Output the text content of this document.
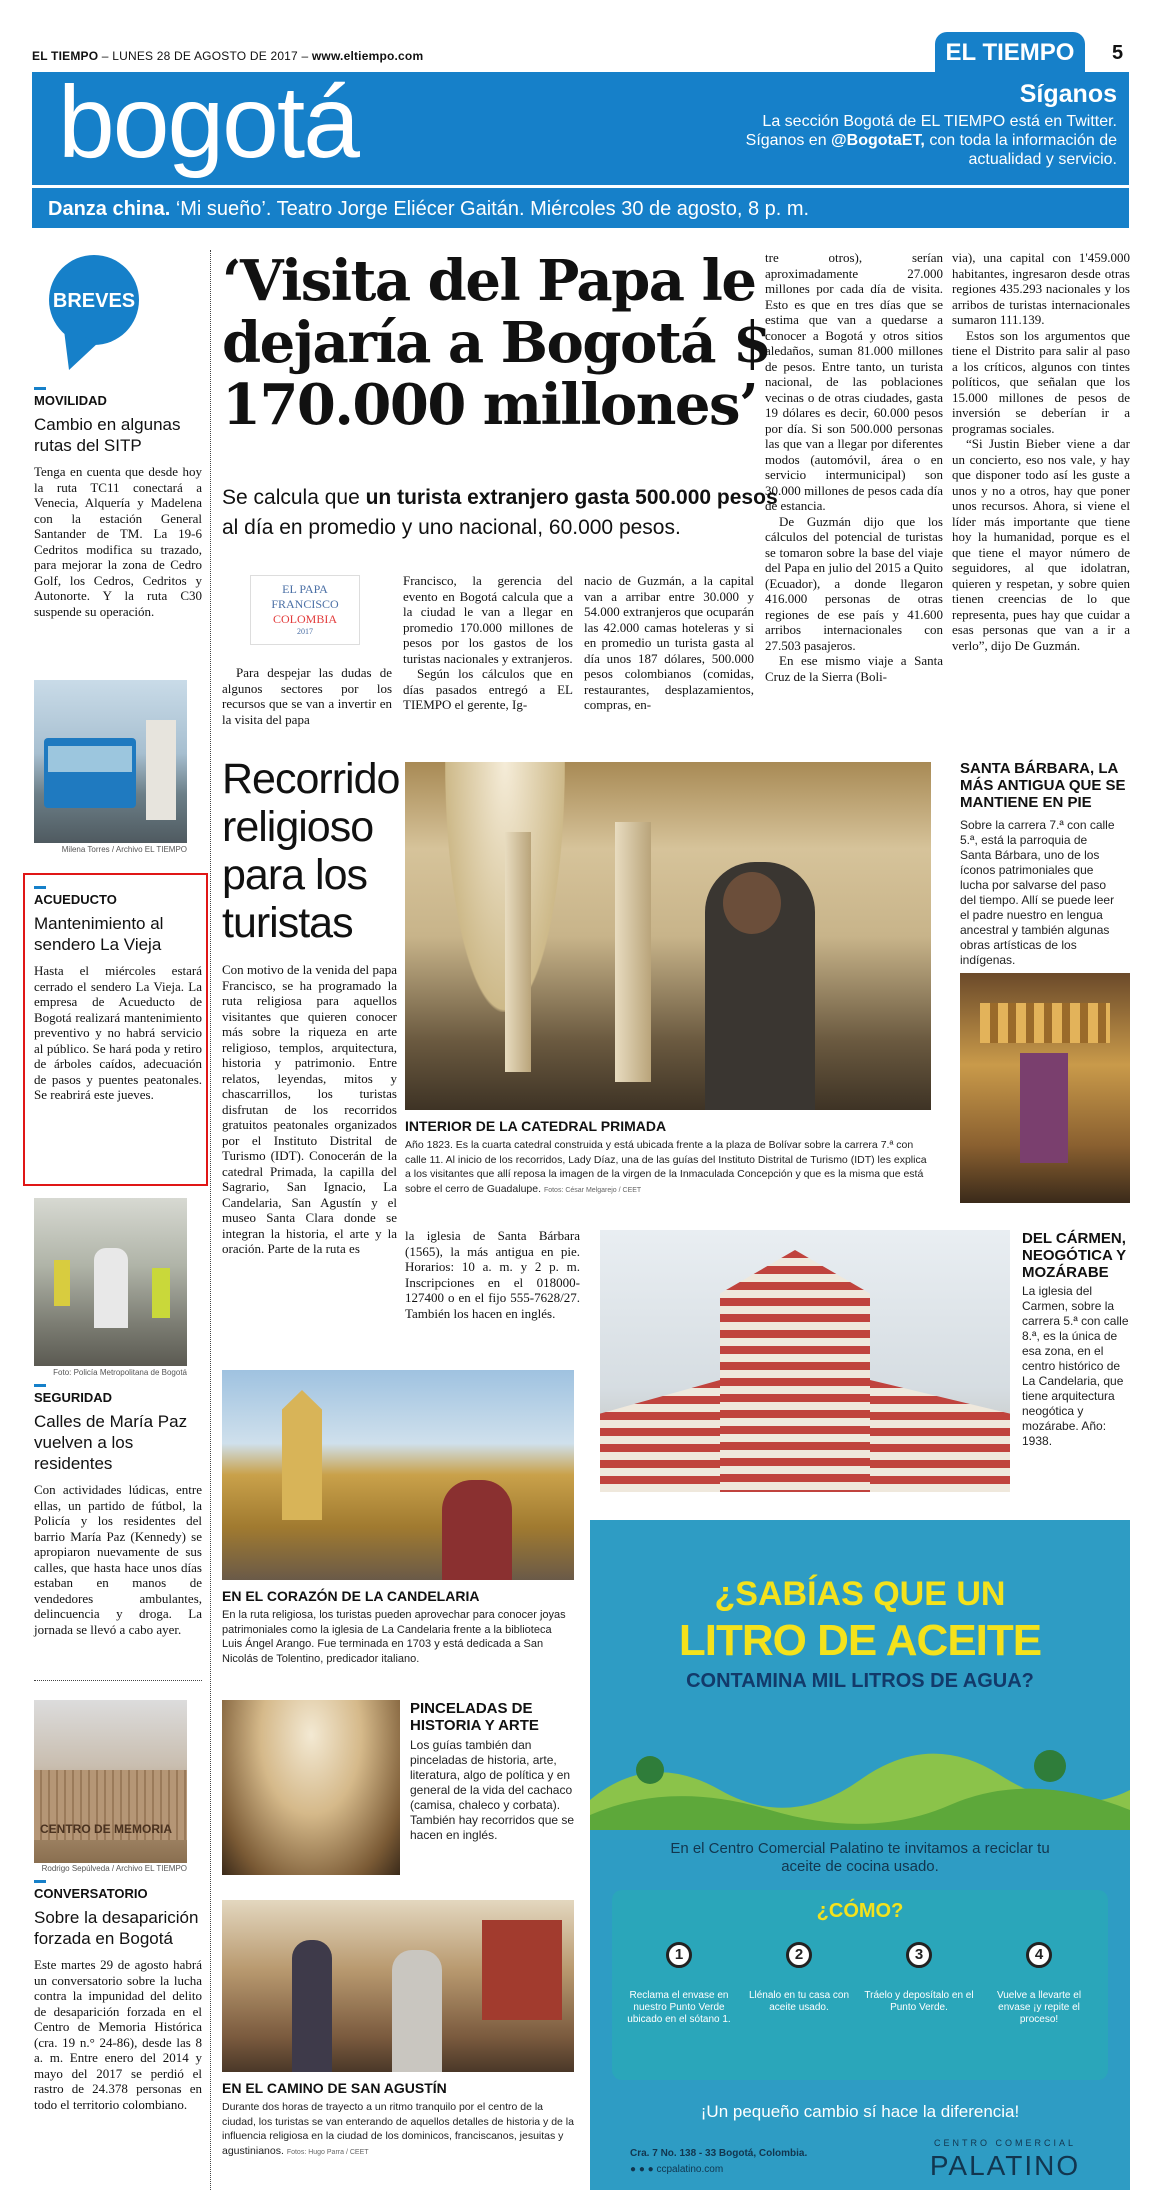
EL TIEMPO – LUNES 28 DE AGOSTO DE 2017 – www.eltiempo.com	EL TIEMPO	5
bogotá	Síganos
La sección Bogotá de EL TIEMPO está en Twitter. Síganos en @BogotaET, con toda la información de actualidad y servicio.
Danza china. ‘Mi sueño’. Teatro Jorge Eliécer Gaitán. Miércoles 30 de agosto, 8 p. m.
BREVES
MOVILIDAD
Cambio en algunas rutas del SITP
Tenga en cuenta que desde hoy la ruta TC11 conectará a Venecia, Alquería y Madelena con la estación General Santander de TM. La 19-6 Cedritos modifica su trazado, para mejorar la zona de Cedro Golf, los Cedros, Cedritos y Autonorte. Y la ruta C30 suspende su operación.
Milena Torres / Archivo EL TIEMPO
ACUEDUCTO
Mantenimiento al sendero La Vieja
Hasta el miércoles estará cerrado el sendero La Vieja. La empresa de Acueducto de Bogotá realizará mantenimiento preventivo y no habrá servicio al público. Se hará poda y retiro de árboles caídos, adecuación de pasos y puentes peatonales. Se reabrirá este jueves.
Foto: Policía Metropolitana de Bogotá
SEGURIDAD
Calles de María Paz vuelven a los residentes
Con actividades lúdicas, entre ellas, un partido de fútbol, la Policía y los residentes del barrio María Paz (Kennedy) se apropiaron nuevamente de sus calles, que hasta hace unos días estaban en manos de vendedores ambulantes, delincuencia y droga. La jornada se llevó a cabo ayer.
CENTRO DE MEMORIA
Rodrigo Sepúlveda / Archivo EL TIEMPO
CONVERSATORIO
Sobre la desaparición forzada en Bogotá
Este martes 29 de agosto habrá un conversatorio sobre la lucha contra la impunidad del delito de desaparición forzada en el Centro de Memoria Histórica (cra. 19 n.° 24-86), desde las 8 a. m. Entre enero del 2014 y mayo del 2017 se perdió el rastro de 24.378 personas en todo el territorio colombiano.
‘Visita del Papa le dejaría a Bogotá $ 170.000 millones’
Se calcula que un turista extranjero gasta 500.000 pesos al día en promedio y uno nacional, 60.000 pesos.
EL PAPA
FRANCISCO
COLOMBIA
2017
Para despejar las dudas de algunos sectores por los recursos que se van a invertir en la visita del papa
Francisco, la gerencia del evento en Bogotá calcula que a la ciudad le van a llegar en promedio 170.000 millones de pesos por los gastos de los turistas nacionales y extranjeros.
Según los cálculos que en días pasados entregó a EL TIEMPO el gerente, Ig-
nacio de Guzmán, a la capital van a arribar entre 30.000 y 54.000 extranjeros que ocuparán las 42.000 camas hoteleras y si en promedio un turista gasta al día unos 187 dólares, 500.000 pesos colombianos (comidas, restaurantes, desplazamientos, compras, en-
tre otros), serían aproximadamente 27.000 millones por cada día de visita. Esto es que en tres días que se estima que van a quedarse a conocer a Bogotá y otros sitios aledaños, suman 81.000 millones de pesos. Entre tanto, un turista nacional, de las poblaciones vecinas o de otras ciudades, gasta 19 dólares es decir, 60.000 pesos por día. Si son 500.000 personas las que van a llegar por diferentes modos (automóvil, área o en servicio intermunicipal) son 30.000 millones de pesos cada día de estancia.
De Guzmán dijo que los cálculos del potencial de turistas se tomaron sobre la base del viaje del Papa en julio del 2015 a Quito (Ecuador), a donde llegaron 416.000 personas de otras regiones de ese país y 41.600 arribos internacionales con 27.503 pasajeros.
En ese mismo viaje a Santa Cruz de la Sierra (Boli-
via), una capital con 1'459.000 habitantes, ingresaron desde otras regiones 435.293 nacionales y los arribos de turistas internacionales sumaron 111.139.
Estos son los argumentos que tiene el Distrito para salir al paso a los críticos, algunos con tintes políticos, que señalan que los 15.000 millones de pesos de inversión se deberían ir a programas sociales.
“Si Justin Bieber viene a dar un concierto, eso nos vale, y hay que disponer todo así les guste a unos y no a otros, hay que poner unos recursos. Ahora, si viene el líder más importante que tiene hoy la humanidad, porque es el que tiene el mayor número de seguidores, al que idolatran, quieren y respetan, y sobre quien tienen creencias de lo que representa, pues hay que cuidar a esas personas que van a ir a verlo”, dijo De Guzmán.
Recorrido religioso para los turistas
Con motivo de la venida del papa Francisco, se ha programado la ruta religiosa para aquellos visitantes que quieren conocer más sobre la riqueza en arte religioso, templos, arquitectura, historia y patrimonio. Entre relatos, leyendas, mitos y chascarrillos, los turistas disfrutan de los recorridos gratuitos peatonales organizados por el Instituto Distrital de Turismo (IDT). Conocerán de la catedral Primada, la capilla del Sagrario, San Ignacio, La Candelaria, San Agustín y el museo Santa Clara donde se integran la historia, el arte y la oración. Parte de la ruta es
la iglesia de Santa Bárbara (1565), la más antigua en pie. Horarios: 10 a. m. y 2 p. m. Inscripciones en el 018000-127400 o en el fijo 555-7628/27. También los hacen en inglés.
INTERIOR DE LA CATEDRAL PRIMADA
Año 1823. Es la cuarta catedral construida y está ubicada frente a la plaza de Bolívar sobre la carrera 7.ª con calle 11. Al inicio de los recorridos, Lady Díaz, una de las guías del Instituto Distrital de Turismo (IDT) les explica a los visitantes que allí reposa la imagen de la virgen de la Inmaculada Concepción y que es la misma que está sobre el cerro de Guadalupe. Fotos: César Melgarejo / CEET
SANTA BÁRBARA, LA MÁS ANTIGUA QUE SE MANTIENE EN PIE
Sobre la carrera 7.ª con calle 5.ª, está la parroquia de Santa Bárbara, uno de los íconos patrimoniales que lucha por salvarse del paso del tiempo. Allí se puede leer el padre nuestro en lengua ancestral y también algunas obras artísticas de los indígenas.
DEL CÁRMEN, NEOGÓTICA Y MOZÁRABE
La iglesia del Carmen, sobre la carrera 5.ª con calle 8.ª, es la única de esa zona, en el centro histórico de La Candelaria, que tiene arquitectura neogótica y mozárabe. Año: 1938.
EN EL CORAZÓN DE LA CANDELARIA
En la ruta religiosa, los turistas pueden aprovechar para conocer joyas patrimoniales como la iglesia de La Candelaria frente a la biblioteca Luis Ángel Arango. Fue terminada en 1703 y está dedicada a San Nicolás de Tolentino, predicador italiano.
PINCELADAS DE HISTORIA Y ARTE
Los guías también dan pinceladas de historia, arte, literatura, algo de política y en general de la vida del cachaco (camisa, chaleco y corbata). También hay recorridos que se hacen en inglés.
EN EL CAMINO DE SAN AGUSTÍN
Durante dos horas de trayecto a un ritmo tranquilo por el centro de la ciudad, los turistas se van enterando de aquellos detalles de historia y de la influencia religiosa en la ciudad de los dominicos, franciscanos, jesuitas y agustinianos. Fotos: Hugo Parra / CEET
¿SABÍAS QUE UN
LITRO DE ACEITE
CONTAMINA MIL LITROS DE AGUA?
En el Centro Comercial Palatino te invitamos a reciclar tu aceite de cocina usado.
¿CÓMO?
1
Reclama el envase en nuestro Punto Verde ubicado en el sótano 1.
2
Llénalo en tu casa con aceite usado.
3
Tráelo y deposítalo en el Punto Verde.
4
Vuelve a llevarte el envase ¡y repite el proceso!
¡Un pequeño cambio sí hace la diferencia!
Cra. 7 No. 138 - 33 Bogotá, Colombia.
● ● ● ccpalatino.com
CENTRO COMERCIAL
PALATINO
